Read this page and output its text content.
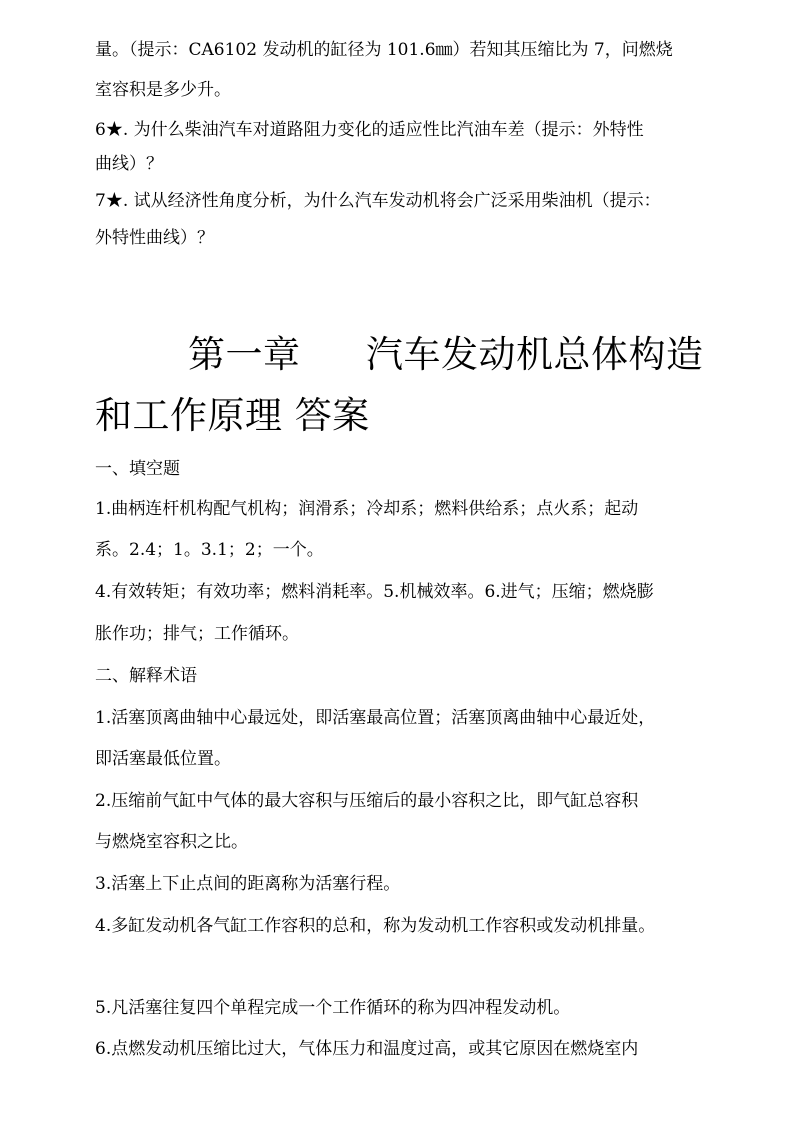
量。（提示：CA6102 发动机的缸径为 101.6㎜）若知其压缩比为 7，问燃烧
室容积是多少升。
6★. 为什么柴油汽车对道路阻力变化的适应性比汽油车差（提示：外特性
曲线）？
7★. 试从经济性角度分析，为什么汽车发动机将会广泛采用柴油机（提示：
外特性曲线）？
第一章 汽车发动机总体构造
和工作原理 答案
一、填空题
1.曲柄连杆机构配气机构；润滑系；冷却系；燃料供给系；点火系；起动
系。2.4；1。3.1；2；一个。
4.有效转矩；有效功率；燃料消耗率。5.机械效率。6.进气；压缩；燃烧膨
胀作功；排气；工作循环。
二、解释术语
1.活塞顶离曲轴中心最远处，即活塞最高位置；活塞顶离曲轴中心最近处，
即活塞最低位置。
2.压缩前气缸中气体的最大容积与压缩后的最小容积之比，即气缸总容积
与燃烧室容积之比。
3.活塞上下止点间的距离称为活塞行程。
4.多缸发动机各气缸工作容积的总和，称为发动机工作容积或发动机排量。
5.凡活塞往复四个单程完成一个工作循环的称为四冲程发动机。
6.点燃发动机压缩比过大，气体压力和温度过高，或其它原因在燃烧室内
